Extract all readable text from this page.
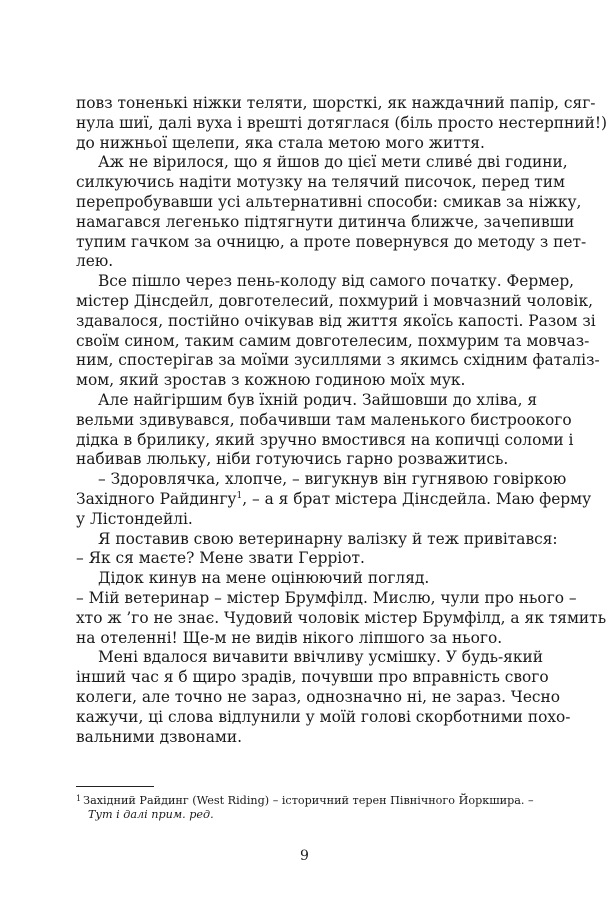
повз тоненькі ніжки теляти, шорсткі, як наждачний папір, сяг-
нула шиї, далі вуха і врешті дотяглася (біль просто нестерпний!)
до нижньої щелепи, яка стала метою мого життя.
Аж не вірилося, що я йшов до цієї мети сливе́ дві години,
силкуючись надіти мотузку на телячий писочок, перед тим
перепробувавши усі альтернативні способи: смикав за ніжку,
намагався легенько підтягнути дитинча ближче, зачепивши
тупим гачком за очницю, а проте повернувся до методу з пет-
лею.
Все пішло через пень-колоду від самого початку. Фермер,
містер Дінсдейл, довготелесий, похмурий і мовчазний чоловік,
здавалося, постійно очікував від життя якоїсь капості. Разом зі
своїм сином, таким самим довготелесим, похмурим та мовчаз-
ним, спостерігав за моїми зусиллями з якимсь східним фаталіз-
мом, який зростав з кожною годиною моїх мук.
Але найгіршим був їхній родич. Зайшовши до хліва, я
вельми здивувався, побачивши там маленького бистроокого
дідка в брилику, який зручно вмостився на копичці соломи і
набивав люльку, ніби готуючись гарно розважитись.
– Здоровлячка, хлопче, – вигукнув він гугнявою говіркою
Західного Райдингу$^1$, – а я брат містера Дінсдейла. Маю ферму
у Лістондейлі.
Я поставив свою ветеринарну валізку й теж привітався:
– Як ся маєте? Мене звати Герріот.
Дідок кинув на мене оцінюючий погляд.
– Мій ветеринар – містер Брумфілд. Мислю, чули про нього –
хто ж ’го не знає. Чудовий чоловік містер Брумфілд, а як тямить
на отеленні! Ще-м не видів нікого ліпшого за нього.
Мені вдалося вичавити ввічливу усмішку. У будь-який
інший час я б щиро зрадів, почувши про вправність свого
колеги, але точно не зараз, однозначно ні, не зараз. Чесно
кажучи, ці слова відлунили у моїй голові скорботними похо-
вальними дзвонами.
$^1$ Західний Райдинг (West Riding) – історичний терен Північного Йоркшира. –
Тут і далі прим. ред.
9
